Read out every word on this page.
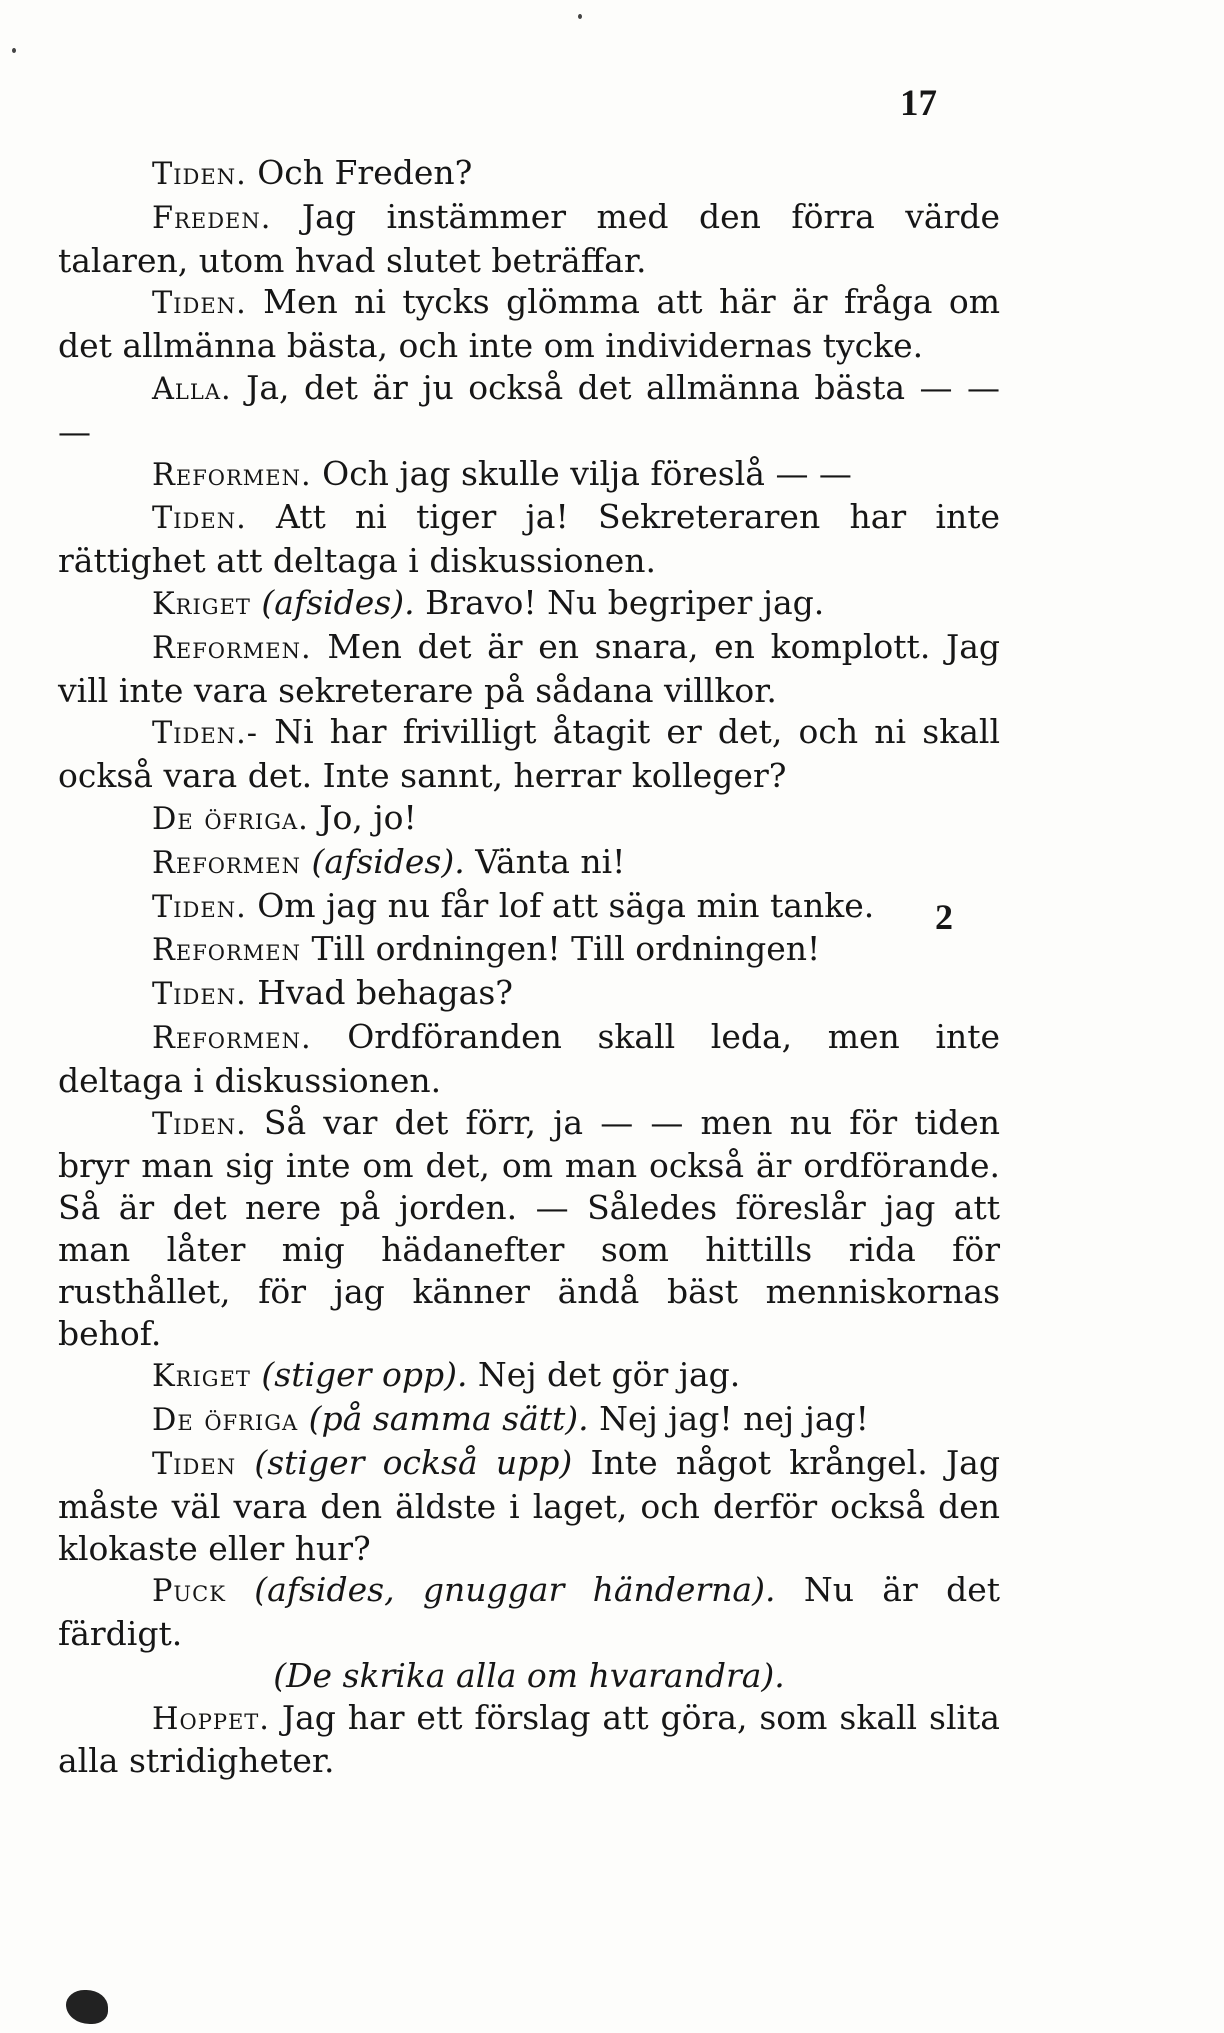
17

Tiden. Och Freden?

Freden. Jag instämmer med den förra värde talaren, utom hvad slutet beträffar.

Tiden. Men ni tycks glömma att här är fråga om det allmänna bästa, och inte om individernas tycke.

Alla. Ja, det är ju också det allmänna bästa — — —

Reformen. Och jag skulle vilja föreslå — —

Tiden. Att ni tiger ja! Sekreteraren har inte rättighet att deltaga i diskussionen.

Kriget (afsides). Bravo! Nu begriper jag.

Reformen. Men det är en snara, en komplott. Jag vill inte vara sekreterare på sådana villkor.

Tiden.- Ni har frivilligt åtagit er det, och ni skall också vara det. Inte sannt, herrar kolleger?

De öfriga. Jo, jo!

Reformen (afsides). Vänta ni!

Tiden. Om jag nu får lof att säga min tanke.

Reformen Till ordningen! Till ordningen!

Tiden. Hvad behagas?

Reformen. Ordföranden skall leda, men inte deltaga i diskussionen.

Tiden. Så var det förr, ja — — men nu för tiden bryr man sig inte om det, om man också är ordförande. Så är det nere på jorden. — Således föreslår jag att man låter mig hädanefter som hittills rida för rusthållet, för jag känner ändå bäst menniskornas behof.

Kriget (stiger opp). Nej det gör jag.

De öfriga (på samma sätt). Nej jag! nej jag!

Tiden (stiger också upp) Inte något krångel. Jag måste väl vara den äldste i laget, och derför också den klokaste eller hur?

Puck (afsides, gnuggar händerna). Nu är det färdigt.

(De skrika alla om hvarandra).

Hoppet. Jag har ett förslag att göra, som skall slita alla stridigheter.

2
